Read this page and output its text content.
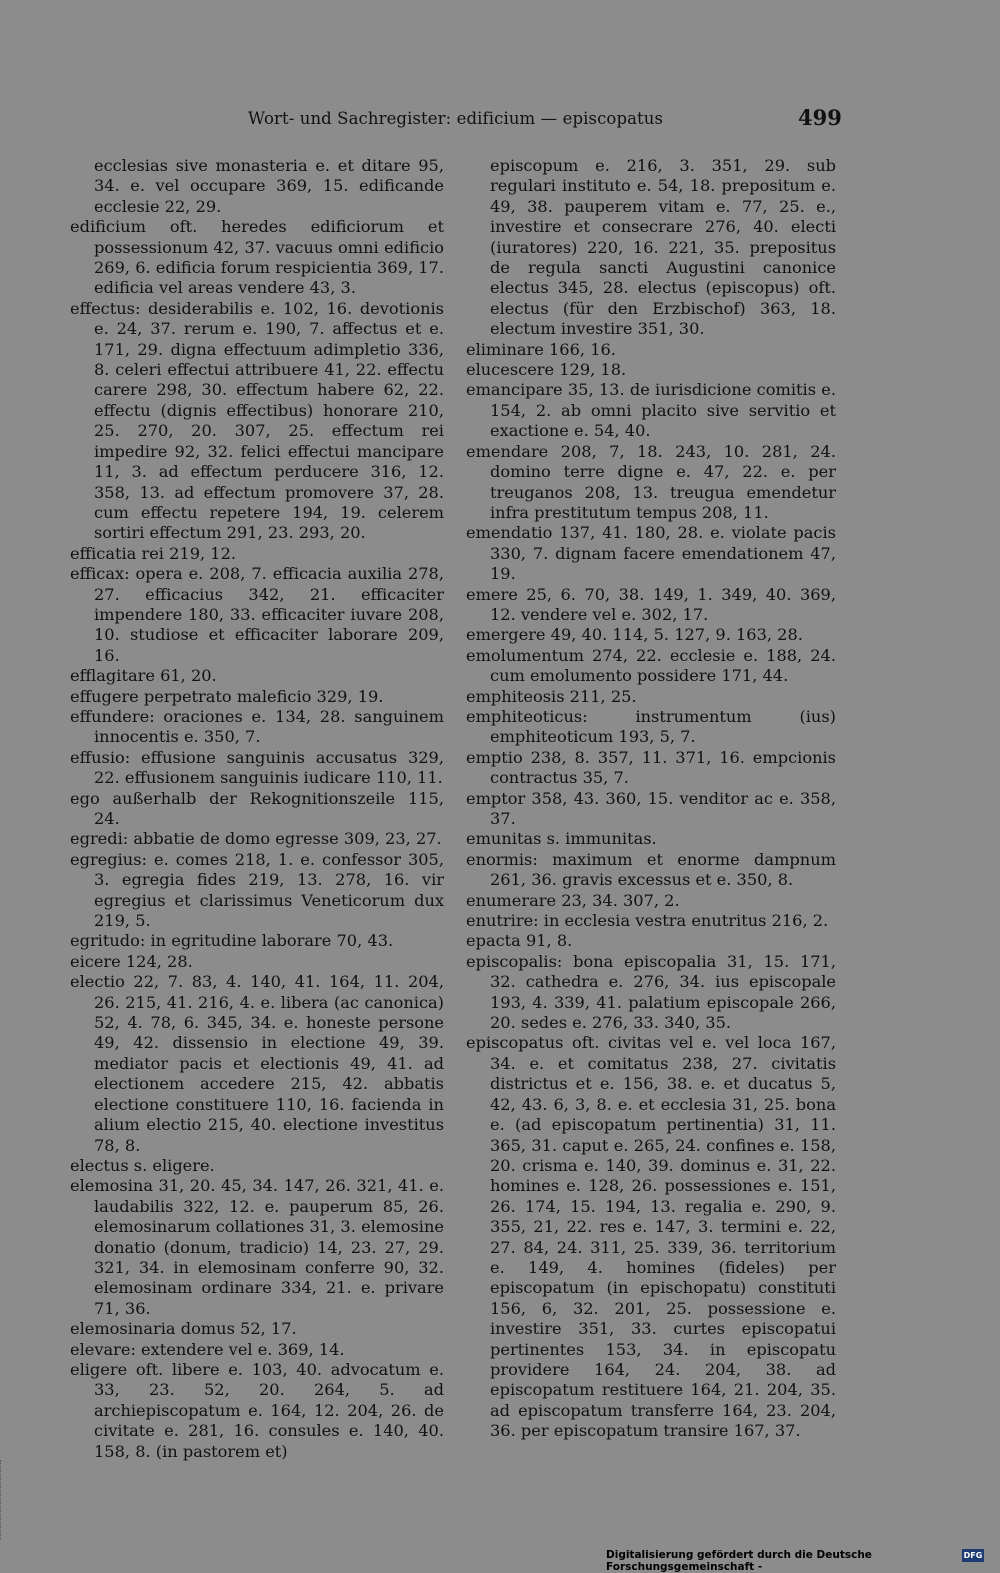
Wort- und Sachregister: edificium — episcopatus	499

ecclesias sive monasteria e. et ditare 95, 34. e. vel occupare 369, 15. edificande ecclesie 22, 29.

edificium oft. heredes edificiorum et possessionum 42, 37. vacuus omni edificio 269, 6. edificia forum respicientia 369, 17. edificia vel areas vendere 43, 3.

effectus: desiderabilis e. 102, 16. devotionis e. 24, 37. rerum e. 190, 7. affectus et e. 171, 29. digna effectuum adimpletio 336, 8. celeri effectui attribuere 41, 22. effectu carere 298, 30. effectum habere 62, 22. effectu (dignis effectibus) honorare 210, 25. 270, 20. 307, 25. effectum rei impedire 92, 32. felici effectui mancipare 11, 3. ad effectum perducere 316, 12. 358, 13. ad effectum promovere 37, 28. cum effectu repetere 194, 19. celerem sortiri effectum 291, 23. 293, 20.

efficatia rei 219, 12.

efficax: opera e. 208, 7. efficacia auxilia 278, 27. efficacius 342, 21. efficaciter impendere 180, 33. efficaciter iuvare 208, 10. studiose et efficaciter laborare 209, 16.

efflagitare 61, 20.

effugere perpetrato maleficio 329, 19.

effundere: oraciones e. 134, 28. sanguinem innocentis e. 350, 7.

effusio: effusione sanguinis accusatus 329, 22. effusionem sanguinis iudicare 110, 11.

ego außerhalb der Rekognitionszeile 115, 24.

egredi: abbatie de domo egresse 309, 23, 27.

egregius: e. comes 218, 1. e. confessor 305, 3. egregia fides 219, 13. 278, 16. vir egregius et clarissimus Veneticorum dux 219, 5.

egritudo: in egritudine laborare 70, 43.

eicere 124, 28.

electio 22, 7. 83, 4. 140, 41. 164, 11. 204, 26. 215, 41. 216, 4. e. libera (ac canonica) 52, 4. 78, 6. 345, 34. e. honeste persone 49, 42. dissensio in electione 49, 39. mediator pacis et electionis 49, 41. ad electionem accedere 215, 42. abbatis electione constituere 110, 16. facienda in alium electio 215, 40. electione investitus 78, 8.

electus s. eligere.

elemosina 31, 20. 45, 34. 147, 26. 321, 41. e. laudabilis 322, 12. e. pauperum 85, 26. elemosinarum collationes 31, 3. elemosine donatio (donum, tradicio) 14, 23. 27, 29. 321, 34. in elemosinam conferre 90, 32. elemosinam ordinare 334, 21. e. privare 71, 36.

elemosinaria domus 52, 17.

elevare: extendere vel e. 369, 14.

eligere oft. libere e. 103, 40. advocatum e. 33, 23. 52, 20. 264, 5. ad archiepiscopatum e. 164, 12. 204, 26. de civitate e. 281, 16. consules e. 140, 40. 158, 8. (in pastorem et)

episcopum e. 216, 3. 351, 29. sub regulari instituto e. 54, 18. prepositum e. 49, 38. pauperem vitam e. 77, 25. e., investire et consecrare 276, 40. electi (iuratores) 220, 16. 221, 35. prepositus de regula sancti Augustini canonice electus 345, 28. electus (episcopus) oft. electus (für den Erzbischof) 363, 18. electum investire 351, 30.

eliminare 166, 16.

elucescere 129, 18.

emancipare 35, 13. de iurisdicione comitis e. 154, 2. ab omni placito sive servitio et exactione e. 54, 40.

emendare 208, 7, 18. 243, 10. 281, 24. domino terre digne e. 47, 22. e. per treuganos 208, 13. treugua emendetur infra prestitutum tempus 208, 11.

emendatio 137, 41. 180, 28. e. violate pacis 330, 7. dignam facere emendationem 47, 19.

emere 25, 6. 70, 38. 149, 1. 349, 40. 369, 12. vendere vel e. 302, 17.

emergere 49, 40. 114, 5. 127, 9. 163, 28.

emolumentum 274, 22. ecclesie e. 188, 24. cum emolumento possidere 171, 44.

emphiteosis 211, 25.

emphiteoticus: instrumentum (ius) emphiteoticum 193, 5, 7.

emptio 238, 8. 357, 11. 371, 16. empcionis contractus 35, 7.

emptor 358, 43. 360, 15. venditor ac e. 358, 37.

emunitas s. immunitas.

enormis: maximum et enorme dampnum 261, 36. gravis excessus et e. 350, 8.

enumerare 23, 34. 307, 2.

enutrire: in ecclesia vestra enutritus 216, 2.

epacta 91, 8.

episcopalis: bona episcopalia 31, 15. 171, 32. cathedra e. 276, 34. ius episcopale 193, 4. 339, 41. palatium episcopale 266, 20. sedes e. 276, 33. 340, 35.

episcopatus oft. civitas vel e. vel loca 167, 34. e. et comitatus 238, 27. civitatis districtus et e. 156, 38. e. et ducatus 5, 42, 43. 6, 3, 8. e. et ecclesia 31, 25. bona e. (ad episcopatum pertinentia) 31, 11. 365, 31. caput e. 265, 24. confines e. 158, 20. crisma e. 140, 39. dominus e. 31, 22. homines e. 128, 26. possessiones e. 151, 26. 174, 15. 194, 13. regalia e. 290, 9. 355, 21, 22. res e. 147, 3. termini e. 22, 27. 84, 24. 311, 25. 339, 36. territorium e. 149, 4. homines (fideles) per episcopatum (in epischopatu) constituti 156, 6, 32. 201, 25. possessione e. investire 351, 33. curtes episcopatui pertinentes 153, 34. in episcopatu providere 164, 24. 204, 38. ad episcopatum restituere 164, 21. 204, 35. ad episcopatum transferre 164, 23. 204, 36. per episcopatum transire 167, 37.

Digitalisierung gefördert durch die Deutsche Forschungsgemeinschaft -
DFG
